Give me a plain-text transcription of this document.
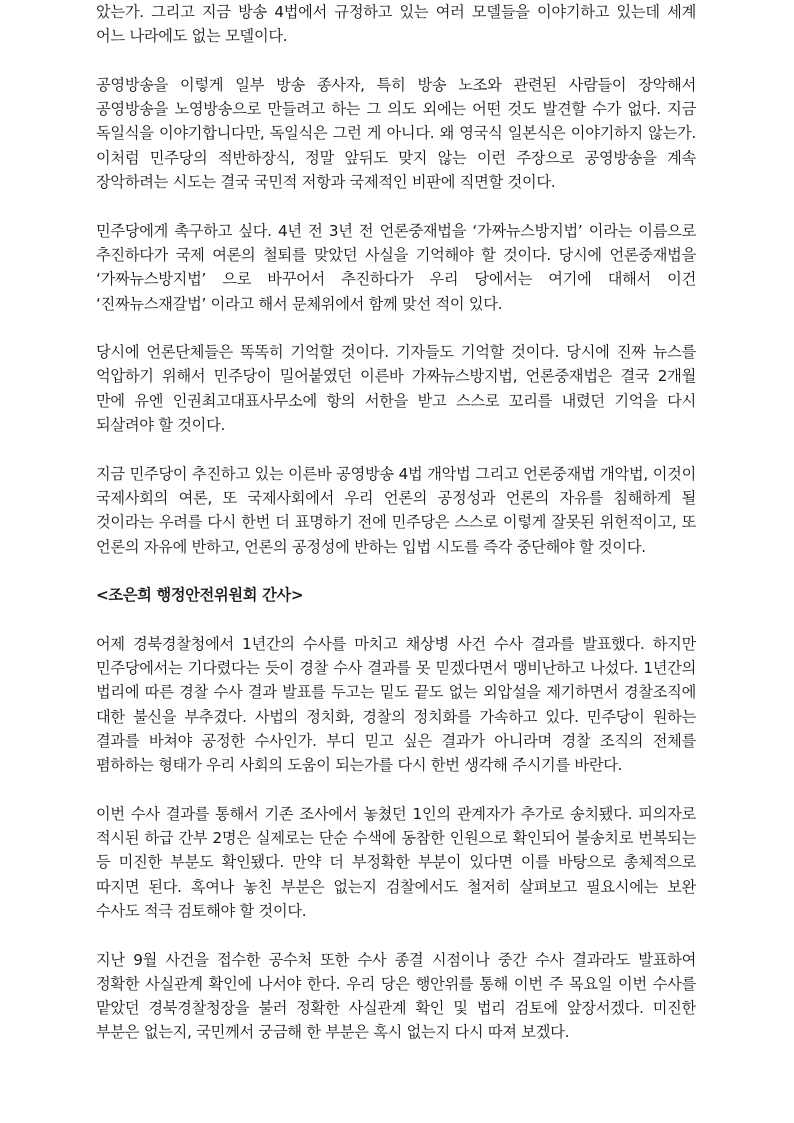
았는가. 그리고 지금 방송 4법에서 규정하고 있는 여러 모델들을 이야기하고 있는데 세계 어느 나라에도 없는 모델이다.

공영방송을 이렇게 일부 방송 종사자, 특히 방송 노조와 관련된 사람들이 장악해서 공영방송을 노영방송으로 만들려고 하는 그 의도 외에는 어떤 것도 발견할 수가 없다. 지금 독일식을 이야기합니다만, 독일식은 그런 게 아니다. 왜 영국식 일본식은 이야기하지 않는가. 이처럼 민주당의 적반하장식, 정말 앞뒤도 맞지 않는 이런 주장으로 공영방송을 계속 장악하려는 시도는 결국 국민적 저항과 국제적인 비판에 직면할 것이다.

민주당에게 촉구하고 싶다. 4년 전 3년 전 언론중재법을 ‘가짜뉴스방지법’ 이라는 이름으로 추진하다가 국제 여론의 철퇴를 맞았던 사실을 기억해야 할 것이다. 당시에 언론중재법을 ‘가짜뉴스방지법’ 으로 바꾸어서 추진하다가 우리 당에서는 여기에 대해서 이건 ‘진짜뉴스재갈법’ 이라고 해서 문체위에서 함께 맞선 적이 있다.

당시에 언론단체들은 똑똑히 기억할 것이다. 기자들도 기억할 것이다. 당시에 진짜 뉴스를 억압하기 위해서 민주당이 밀어붙였던 이른바 가짜뉴스방지법, 언론중재법은 결국 2개월 만에 유엔 인권최고대표사무소에 항의 서한을 받고 스스로 꼬리를 내렸던 기억을 다시 되살려야 할 것이다.

지금 민주당이 추진하고 있는 이른바 공영방송 4법 개악법 그리고 언론중재법 개악법, 이것이 국제사회의 여론, 또 국제사회에서 우리 언론의 공정성과 언론의 자유를 침해하게 될 것이라는 우려를 다시 한번 더 표명하기 전에 민주당은 스스로 이렇게 잘못된 위헌적이고, 또 언론의 자유에 반하고, 언론의 공정성에 반하는 입법 시도를 즉각 중단해야 할 것이다.

<조은희 행정안전위원회 간사>

어제 경북경찰청에서 1년간의 수사를 마치고 채상병 사건 수사 결과를 발표했다. 하지만 민주당에서는 기다렸다는 듯이 경찰 수사 결과를 못 믿겠다면서 맹비난하고 나섰다. 1년간의 법리에 따른 경찰 수사 결과 발표를 두고는 밑도 끝도 없는 외압설을 제기하면서 경찰조직에 대한 불신을 부추겼다. 사법의 정치화, 경찰의 정치화를 가속하고 있다. 민주당이 원하는 결과를 바쳐야 공정한 수사인가. 부디 믿고 싶은 결과가 아니라며 경찰 조직의 전체를 폄하하는 형태가 우리 사회의 도움이 되는가를 다시 한번 생각해 주시기를 바란다.

이번 수사 결과를 통해서 기존 조사에서 놓쳤던 1인의 관계자가 추가로 송치됐다. 피의자로 적시된 하급 간부 2명은 실제로는 단순 수색에 동참한 인원으로 확인되어 불송치로 번복되는 등 미진한 부분도 확인됐다. 만약 더 부정확한 부분이 있다면 이를 바탕으로 총체적으로 따지면 된다. 혹여나 놓친 부분은 없는지 검찰에서도 철저히 살펴보고 필요시에는 보완 수사도 적극 검토해야 할 것이다.

지난 9월 사건을 접수한 공수처 또한 수사 종결 시점이나 중간 수사 결과라도 발표하여 정확한 사실관계 확인에 나서야 한다. 우리 당은 행안위를 통해 이번 주 목요일 이번 수사를 맡았던 경북경찰청장을 불러 정확한 사실관계 확인 및 법리 검토에 앞장서겠다. 미진한 부분은 없는지, 국민께서 궁금해 한 부분은 혹시 없는지 다시 따져 보겠다.
